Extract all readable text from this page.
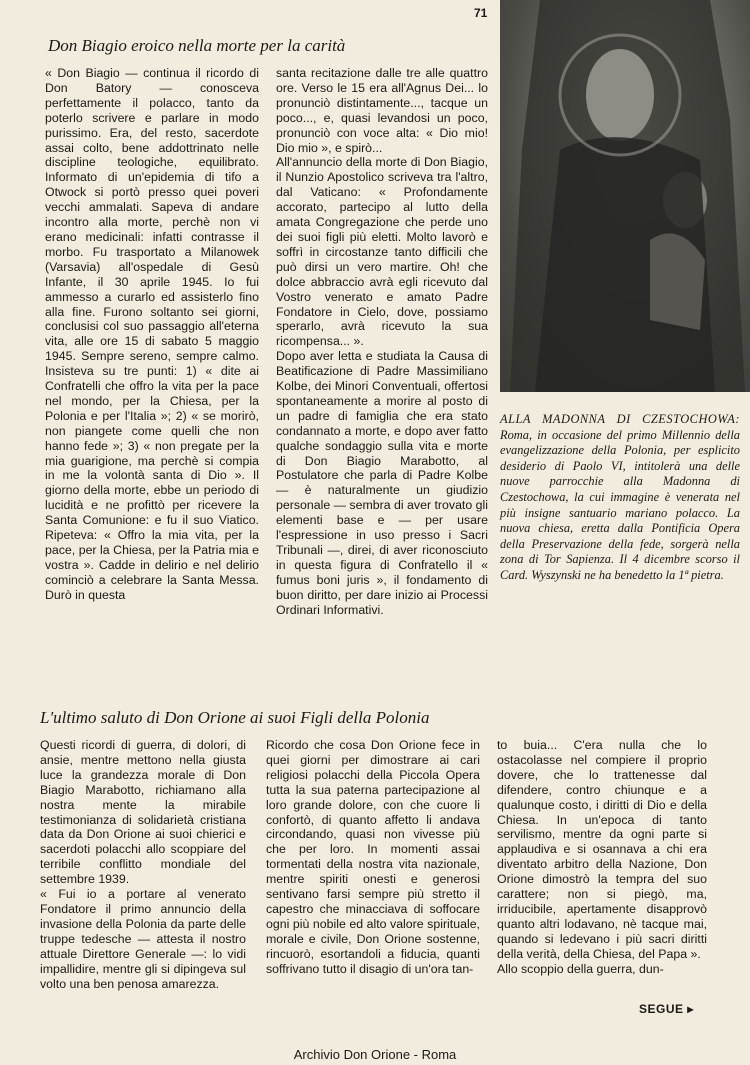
71
Don Biagio eroico nella morte per la carità

« Don Biagio — continua il ricordo di Don Batory — conosceva perfettamente il polacco, tanto da poterlo scrivere e parlare in modo purissimo. Era, del resto, sacerdote assai colto, bene addottrinato nelle discipline teologiche, equilibrato. Informato di un'epidemia di tifo a Otwock si portò presso quei poveri vecchi ammalati. Sapeva di andare incontro alla morte, perchè non vi erano medicinali: infatti contrasse il morbo. Fu trasportato a Milanowek (Varsavia) all'ospedale di Gesù Infante, il 30 aprile 1945. Io fui ammesso a curarlo ed assisterlo fino alla fine. Furono soltanto sei giorni, conclusisi col suo passaggio all'eterna vita, alle ore 15 di sabato 5 maggio 1945. Sempre sereno, sempre calmo. Insisteva su tre punti: 1) « dite ai Confratelli che offro la vita per la pace nel mondo, per la Chiesa, per la Polonia e per l'Italia »; 2) « se morirò, non piangete come quelli che non hanno fede »; 3) « non pregate per la mia guarigione, ma perchè si compia in me la volontà santa di Dio ». Il giorno della morte, ebbe un periodo di lucidità e ne profittò per ricevere la Santa Comunione: e fu il suo Viatico. Ripeteva: « Offro la mia vita, per la pace, per la Chiesa, per la Patria mia e vostra ». Cadde in delirio e nel delirio cominciò a celebrare la Santa Messa. Durò in questa

santa recitazione dalle tre alle quattro ore. Verso le 15 era all'Agnus Dei... lo pronunciò distintamente..., tacque un poco..., e, quasi levandosi un poco, pronunciò con voce alta: « Dio mio! Dio mio », e spirò...
All'annuncio della morte di Don Biagio, il Nunzio Apostolico scriveva tra l'altro, dal Vaticano: « Profondamente accorato, partecipo al lutto della amata Congregazione che perde uno dei suoi figli più eletti. Molto lavorò e soffrì in circostanze tanto difficili che può dirsi un vero martire. Oh! che dolce abbraccio avrà egli ricevuto dal Vostro venerato e amato Padre Fondatore in Cielo, dove, possiamo sperarlo, avrà ricevuto la sua ricompensa... ».
Dopo aver letta e studiata la Causa di Beatificazione di Padre Massimiliano Kolbe, dei Minori Conventuali, offertosi spontaneamente a morire al posto di un padre di famiglia che era stato condannato a morte, e dopo aver fatto qualche sondaggio sulla vita e morte di Don Biagio Marabotto, al Postulatore che parla di Padre Kolbe — è naturalmente un giudizio personale — sembra di aver trovato gli elementi base e — per usare l'espressione in uso presso i Sacri Tribunali —, direi, di aver riconosciuto in questa figura di Confratello il « fumus boni juris », il fondamento di buon diritto, per dare inizio ai Processi Ordinari Informativi.

ALLA MADONNA DI CZESTOCHOWA: Roma, in occasione del primo Millennio della evangelizzazione della Polonia, per esplicito desiderio di Paolo VI, intitolerà una delle nuove parrocchie alla Madonna di Czestochowa, la cui immagine è venerata nel più insigne santuario mariano polacco. La nuova chiesa, eretta dalla Pontificia Opera della Preservazione della fede, sorgerà nella zona di Tor Sapienza. Il 4 dicembre scorso il Card. Wyszynski ne ha benedetto la 1ª pietra.

L'ultimo saluto di Don Orione ai suoi Figli della Polonia

Questi ricordi di guerra, di dolori, di ansie, mentre mettono nella giusta luce la grandezza morale di Don Biagio Marabotto, richiamano alla nostra mente la mirabile testimonianza di solidarietà cristiana data da Don Orione ai suoi chierici e sacerdoti polacchi allo scoppiare del terribile conflitto mondiale del settembre 1939.
« Fui io a portare al venerato Fondatore il primo annuncio della invasione della Polonia da parte delle truppe tedesche — attesta il nostro attuale Direttore Generale —: lo vidi impallidire, mentre gli si dipingeva sul volto una ben penosa amarezza.

Ricordo che cosa Don Orione fece in quei giorni per dimostrare ai cari religiosi polacchi della Piccola Opera tutta la sua paterna partecipazione al loro grande dolore, con che cuore li confortò, di quanto affetto li andava circondando, quasi non vivesse più che per loro. In momenti assai tormentati della nostra vita nazionale, mentre spiriti onesti e generosi sentivano farsi sempre più stretto il capestro che minacciava di soffocare ogni più nobile ed alto valore spirituale, morale e civile, Don Orione sostenne, rincuorò, esortandoli a fiducia, quanti soffrivano tutto il disagio di un'ora tan-

to buia... C'era nulla che lo ostacolasse nel compiere il proprio dovere, che lo trattenesse dal difendere, contro chiunque e a qualunque costo, i diritti di Dio e della Chiesa. In un'epoca di tanto servilismo, mentre da ogni parte si applaudiva e si osannava a chi era diventato arbitro della Nazione, Don Orione dimostrò la tempra del suo carattere; non si piegò, ma, irriducibile, apertamente disapprovò quanto altri lodavano, nè tacque mai, quando si ledevano i più sacri diritti della verità, della Chiesa, del Papa ».
Allo scoppio della guerra, dun-

SEGUE ▸
Archivio Don Orione - Roma
